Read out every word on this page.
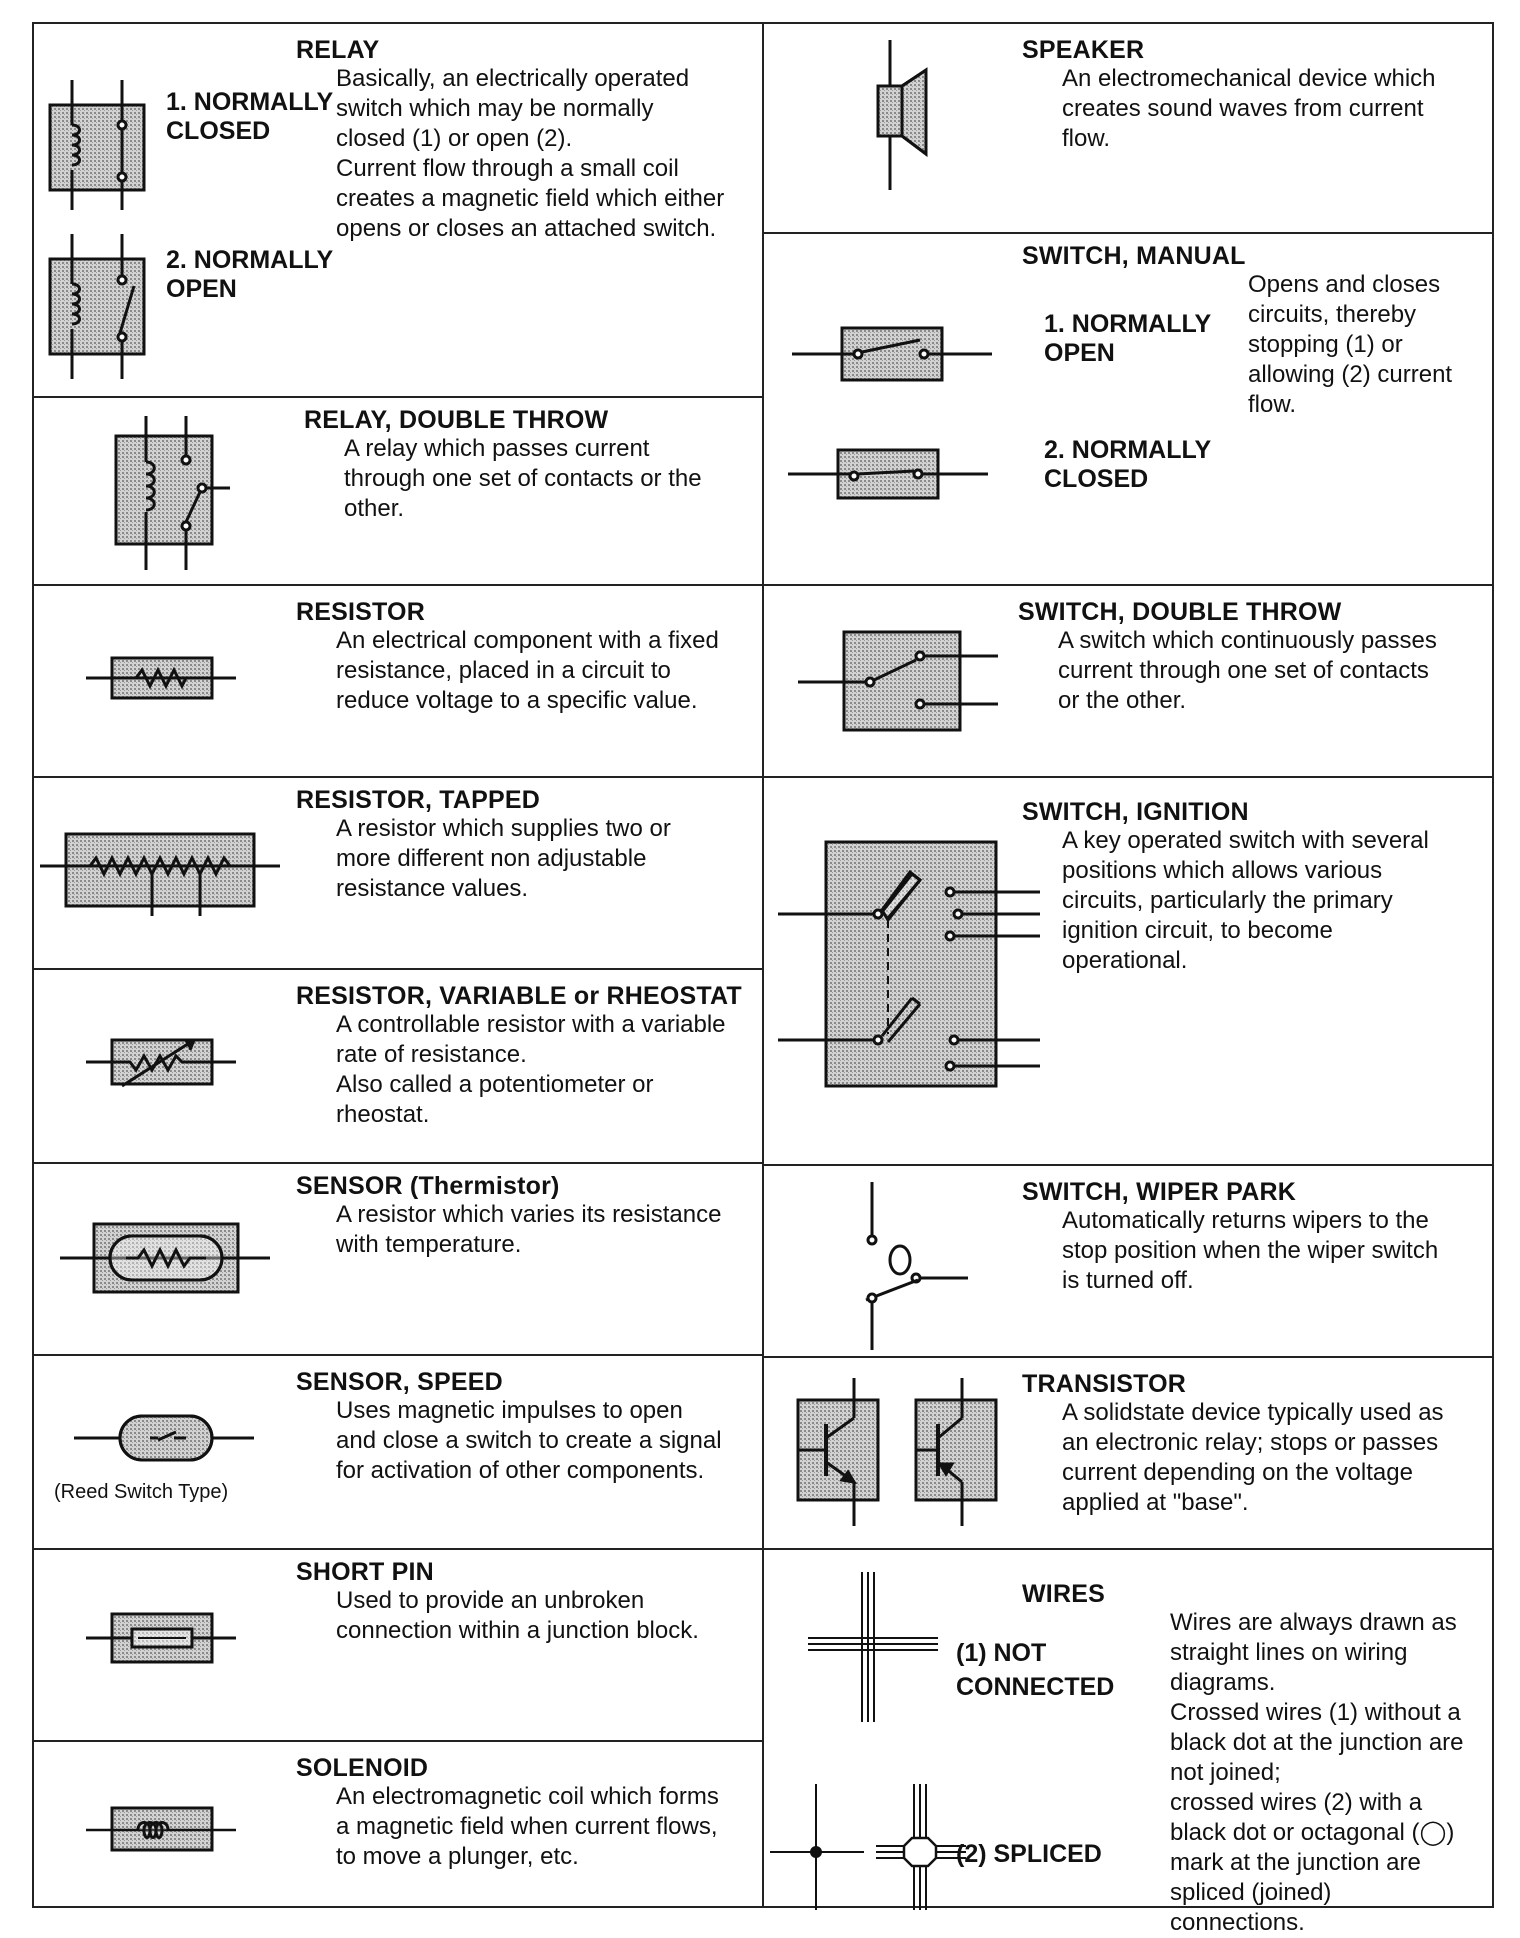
1. NORMALLY
CLOSED
2. NORMALLY
OPEN
RELAY
Basically, an electrically operated
switch which may be normally
closed (1) or open (2).
Current flow through a small coil
creates a magnetic field which either
opens or closes an attached switch.
RELAY, DOUBLE THROW
A relay which passes current
through one set of contacts or the
other.
RESISTOR
An electrical component with a fixed
resistance, placed in a circuit to
reduce voltage to a specific value.
RESISTOR, TAPPED
A resistor which supplies two or
more different non adjustable
resistance values.
RESISTOR, VARIABLE or RHEOSTAT
A controllable resistor with a variable
rate of resistance.
Also called a potentiometer or
rheostat.
SENSOR (Thermistor)
A resistor which varies its resistance
with temperature.
(Reed Switch Type)
SENSOR, SPEED
Uses magnetic impulses to open
and close a switch to create a signal
for activation of other components.
SHORT PIN
Used to provide an unbroken
connection within a junction block.
SOLENOID
An electromagnetic coil which forms
a magnetic field when current flows,
to move a plunger, etc.
SPEAKER
An electromechanical device which
creates sound waves from current
flow.
1. NORMALLY
OPEN
2. NORMALLY
CLOSED
SWITCH, MANUAL
Opens and closes
circuits, thereby
stopping (1) or
allowing (2) current
flow.
SWITCH, DOUBLE THROW
A switch which continuously passes
current through one set of contacts
or the other.
SWITCH, IGNITION
A key operated switch with several
positions which allows various
circuits, particularly the primary
ignition circuit, to become
operational.
SWITCH, WIPER PARK
Automatically returns wipers to the
stop position when the wiper switch
is turned off.
TRANSISTOR
A solidstate device typically used as
an electronic relay; stops or passes
current depending on the voltage
applied at "base".
(1) NOT
CONNECTED
(2) SPLICED
WIRES
Wires are always drawn as
straight lines on wiring
diagrams.
Crossed wires (1) without a
black dot at the junction are
not joined;
crossed wires (2) with a
black dot or octagonal (◯)
mark at the junction are
spliced (joined)
connections.
